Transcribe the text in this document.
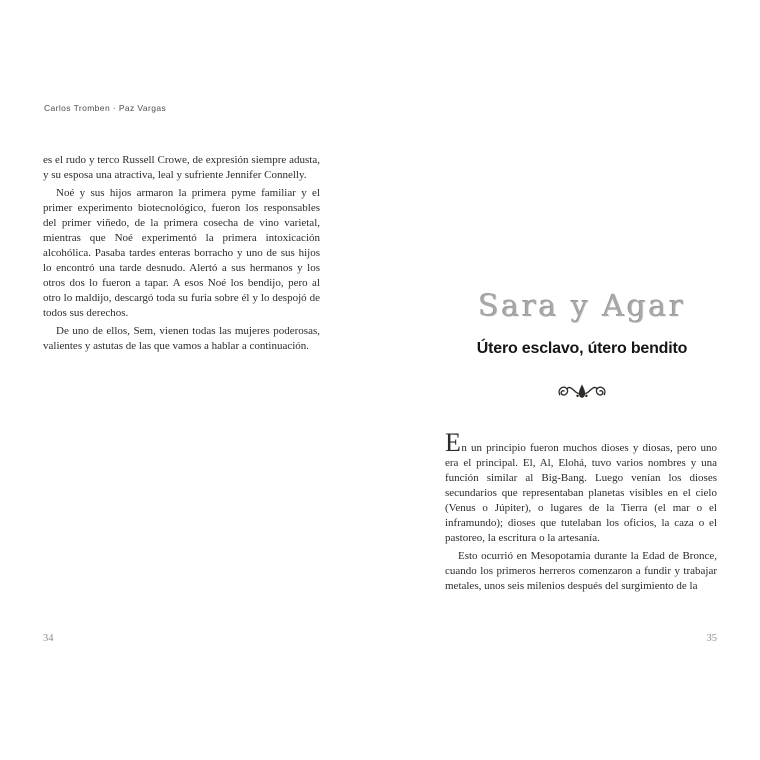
Carlos Tromben · Paz Vargas

es el rudo y terco Russell Crowe, de expresión siempre adusta, y su esposa una atractiva, leal y sufriente Jennifer Connelly.

Noé y sus hijos armaron la primera pyme familiar y el primer experimento biotecnológico, fueron los responsables del primer viñedo, de la primera cosecha de vino varietal, mientras que Noé experimentó la primera intoxicación alcohólica. Pasaba tardes enteras borracho y uno de sus hijos lo encontró una tarde desnudo. Alertó a sus hermanos y los otros dos lo fueron a tapar. A esos Noé los bendijo, pero al otro lo maldijo, descargó toda su furia sobre él y lo despojó de todos sus derechos.

De uno de ellos, Sem, vienen todas las mujeres poderosas, valientes y astutas de las que vamos a hablar a continuación.

34
Sara y Agar
Útero esclavo, útero bendito

En un principio fueron muchos dioses y diosas, pero uno era el principal. El, Al, Elohá, tuvo varios nombres y una función similar al Big-Bang. Luego venían los dioses secundarios que representaban planetas visibles en el cielo (Venus o Júpiter), o lugares de la Tierra (el mar o el inframundo); dioses que tutelaban los oficios, la caza o el pastoreo, la escritura o la artesanía.

Esto ocurrió en Mesopotamia durante la Edad de Bronce, cuando los primeros herreros comenzaron a fundir y trabajar metales, unos seis milenios después del surgimiento de la

35
